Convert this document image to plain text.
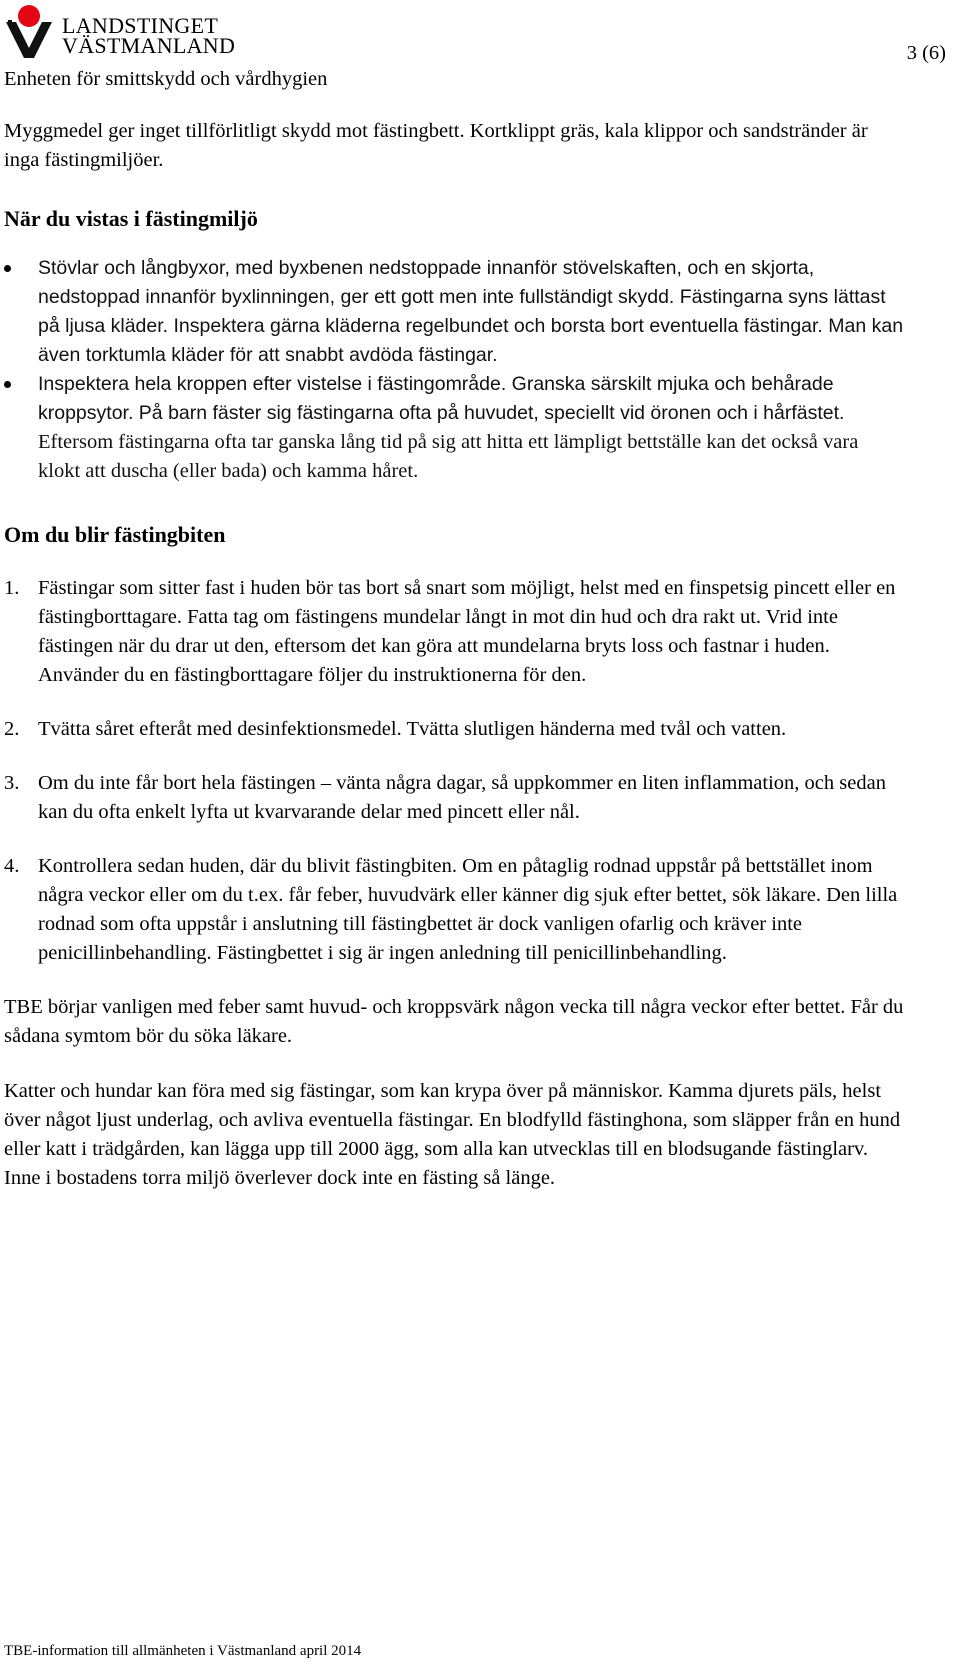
LANDSTINGET
VÄSTMANLAND
Enheten för smittskydd och vårdhygien
3 (6)

Myggmedel ger inget tillförlitligt skydd mot fästingbett. Kortklippt gräs, kala klippor och sandstränder är inga fästingmiljöer.

När du vistas i fästingmiljö
Stövlar och långbyxor, med byxbenen nedstoppade innanför stövelskaften, och en skjorta, nedstoppad innanför byxlinningen, ger ett gott men inte fullständigt skydd. Fästingarna syns lättast på ljusa kläder. Inspektera gärna kläderna regelbundet och borsta bort eventuella fästingar. Man kan även torktumla kläder för att snabbt avdöda fästingar.
Inspektera hela kroppen efter vistelse i fästingområde. Granska särskilt mjuka och behårade kroppsytor. På barn fäster sig fästingarna ofta på huvudet, speciellt vid öronen och i hårfästet. Eftersom fästingarna ofta tar ganska lång tid på sig att hitta ett lämpligt bettställe kan det också vara klokt att duscha (eller bada) och kamma håret.
Om du blir fästingbiten
1. Fästingar som sitter fast i huden bör tas bort så snart som möjligt, helst med en finspetsig pincett eller en fästingborttagare. Fatta tag om fästingens mundelar långt in mot din hud och dra rakt ut. Vrid inte fästingen när du drar ut den, eftersom det kan göra att mundelarna bryts loss och fastnar i huden. Använder du en fästingborttagare följer du instruktionerna för den.
2. Tvätta såret efteråt med desinfektionsmedel. Tvätta slutligen händerna med tvål och vatten.
3. Om du inte får bort hela fästingen – vänta några dagar, så uppkommer en liten inflammation, och sedan kan du ofta enkelt lyfta ut kvarvarande delar med pincett eller nål.
4. Kontrollera sedan huden, där du blivit fästingbiten. Om en påtaglig rodnad uppstår på bettstället inom några veckor eller om du t.ex. får feber, huvudvärk eller känner dig sjuk efter bettet, sök läkare. Den lilla rodnad som ofta uppstår i anslutning till fästingbettet är dock vanligen ofarlig och kräver inte penicillinbehandling. Fästingbettet i sig är ingen anledning till penicillinbehandling.

TBE börjar vanligen med feber samt huvud- och kroppsvärk någon vecka till några veckor efter bettet. Får du sådana symtom bör du söka läkare.

Katter och hundar kan föra med sig fästingar, som kan krypa över på människor. Kamma djurets päls, helst över något ljust underlag, och avliva eventuella fästingar. En blodfylld fästinghona, som släpper från en hund eller katt i trädgården, kan lägga upp till 2000 ägg, som alla kan utvecklas till en blodsugande fästinglarv. Inne i bostadens torra miljö överlever dock inte en fästing så länge.

TBE-information till allmänheten i Västmanland april 2014
